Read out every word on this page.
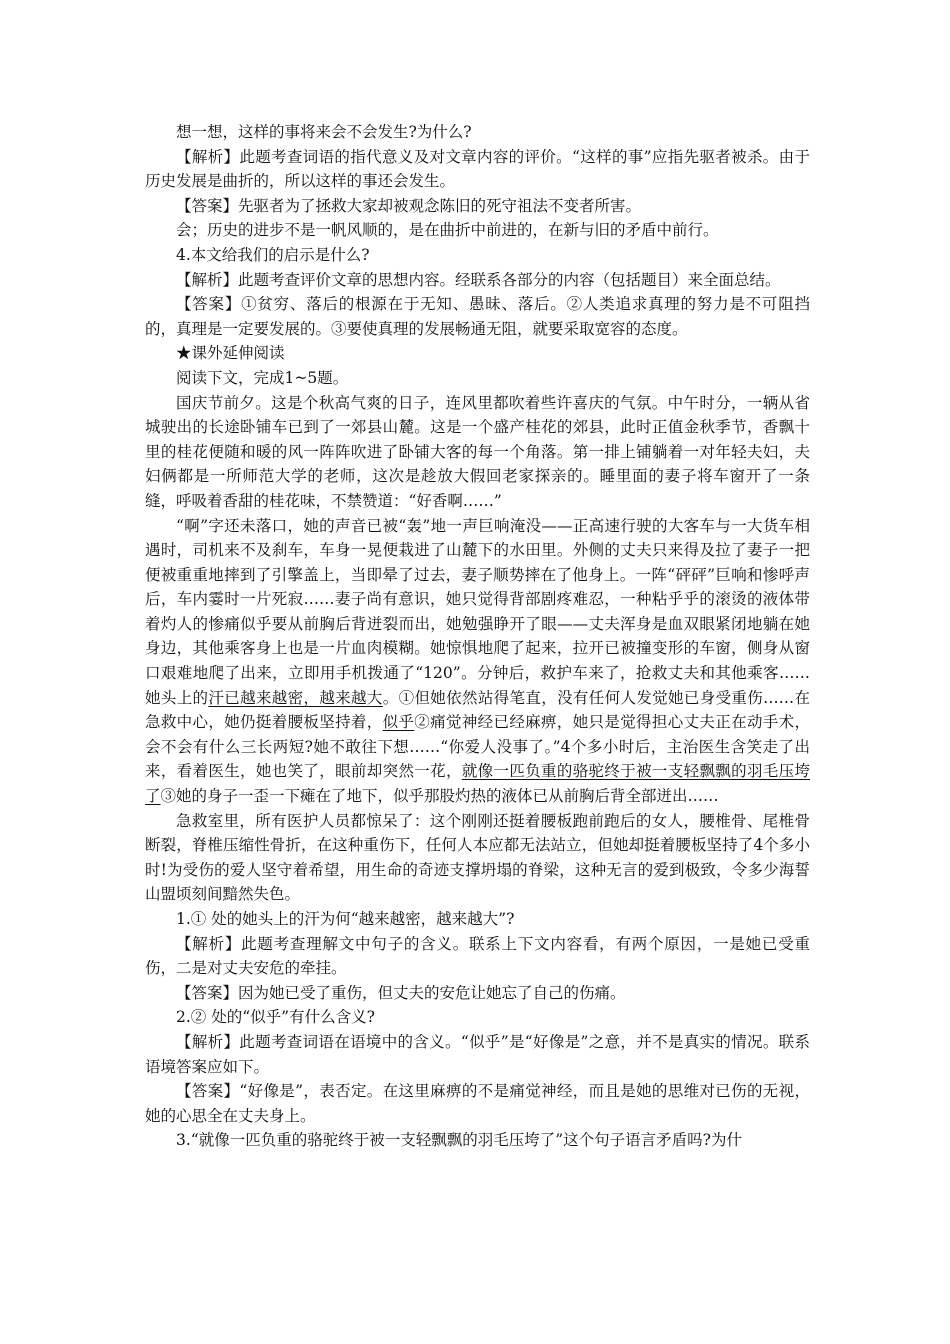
想一想，这样的事将来会不会发生?为什么?

【解析】此题考查词语的指代意义及对文章内容的评价。“这样的事”应指先驱者被杀。由于历史发展是曲折的，所以这样的事还会发生。

【答案】先驱者为了拯救大家却被观念陈旧的死守祖法不变者所害。

会；历史的进步不是一帆风顺的，是在曲折中前进的，在新与旧的矛盾中前行。

4.本文给我们的启示是什么?

【解析】此题考查评价文章的思想内容。经联系各部分的内容（包括题目）来全面总结。

【答案】①贫穷、落后的根源在于无知、愚昧、落后。②人类追求真理的努力是不可阻挡的，真理是一定要发展的。③要使真理的发展畅通无阻，就要采取宽容的态度。

★课外延伸阅读

阅读下文，完成1~5题。

国庆节前夕。这是个秋高气爽的日子，连风里都吹着些许喜庆的气氛。中午时分，一辆从省城驶出的长途卧铺车已到了一郊县山麓。这是一个盛产桂花的郊县，此时正值金秋季节，香飘十里的桂花便随和暖的风一阵阵吹进了卧铺大客的每一个角落。第一排上铺躺着一对年轻夫妇，夫妇俩都是一所师范大学的老师，这次是趁放大假回老家探亲的。睡里面的妻子将车窗开了一条缝，呼吸着香甜的桂花味，不禁赞道：“好香啊……”

“啊”字还未落口，她的声音已被“轰”地一声巨响淹没——正高速行驶的大客车与一大货车相遇时，司机来不及刹车，车身一晃便栽进了山麓下的水田里。外侧的丈夫只来得及拉了妻子一把便被重重地摔到了引擎盖上，当即晕了过去，妻子顺势摔在了他身上。一阵“砰砰”巨响和惨呼声后，车内霎时一片死寂……妻子尚有意识，她只觉得背部剧疼难忍，一种粘乎乎的滚烫的液体带着灼人的惨痛似乎要从前胸后背迸裂而出，她勉强睁开了眼——丈夫浑身是血双眼紧闭地躺在她身边，其他乘客身上也是一片血肉模糊。她惊惧地爬了起来，拉开已被撞变形的车窗，侧身从窗口艰难地爬了出来，立即用手机拨通了“120”。分钟后，救护车来了，抢救丈夫和其他乘客……她头上的汗已越来越密，越来越大。①但她依然站得笔直，没有任何人发觉她已身受重伤……在急救中心，她仍挺着腰板坚持着，似乎②痛觉神经已经麻痹，她只是觉得担心丈夫正在动手术，会不会有什么三长两短?她不敢往下想……“你爱人没事了。”4个多小时后，主治医生含笑走了出来，看着医生，她也笑了，眼前却突然一花，就像一匹负重的骆驼终于被一支轻飘飘的羽毛压垮了③她的身子一歪一下瘫在了地下，似乎那股灼热的液体已从前胸后背全部迸出……

急救室里，所有医护人员都惊呆了：这个刚刚还挺着腰板跑前跑后的女人，腰椎骨、尾椎骨断裂，脊椎压缩性骨折，在这种重伤下，任何人本应都无法站立，但她却挺着腰板坚持了4个多小时!为受伤的爱人坚守着希望，用生命的奇迹支撑坍塌的脊梁，这种无言的爱到极致，令多少海誓山盟顷刻间黯然失色。

1.① 处的她头上的汗为何“越来越密，越来越大”?

【解析】此题考查理解文中句子的含义。联系上下文内容看，有两个原因，一是她已受重伤，二是对丈夫安危的牵挂。

【答案】因为她已受了重伤，但丈夫的安危让她忘了自己的伤痛。

2.② 处的“似乎”有什么含义?

【解析】此题考查词语在语境中的含义。“似乎”是“好像是”之意，并不是真实的情况。联系语境答案应如下。

【答案】“好像是”，表否定。在这里麻痹的不是痛觉神经，而且是她的思维对已伤的无视，她的心思全在丈夫身上。

3.“就像一匹负重的骆驼终于被一支轻飘飘的羽毛压垮了”这个句子语言矛盾吗?为什
